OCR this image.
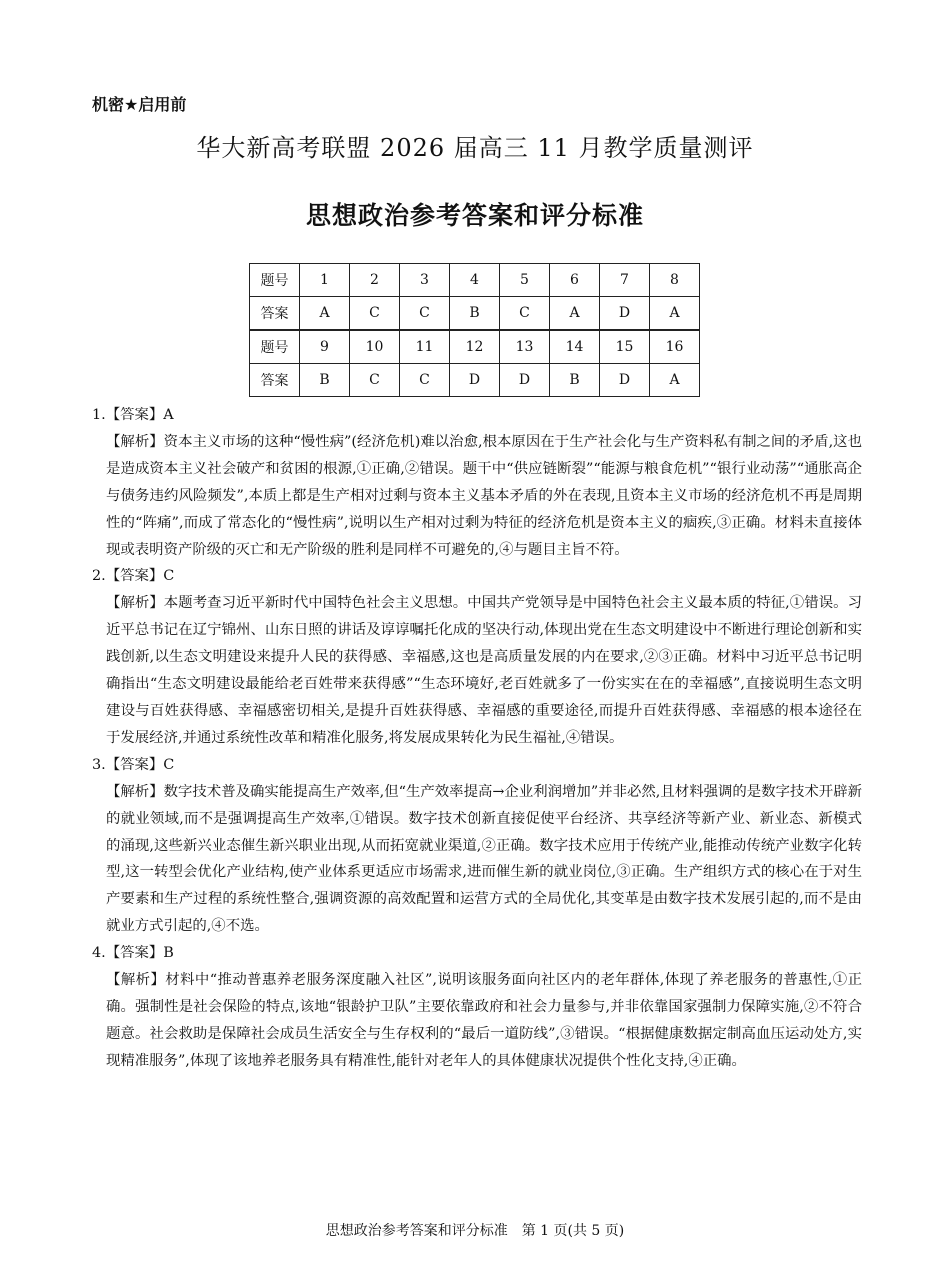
机密★启用前
华大新高考联盟 2026 届高三 11 月教学质量测评
思想政治参考答案和评分标准
题号	1	2	3	4	5	6	7	8
答案	A	C	C	B	C	A	D	A
题号	9	10	11	12	13	14	15	16
答案	B	C	C	D	D	B	D	A

1.【答案】A

【解析】资本主义市场的这种“慢性病”(经济危机)难以治愈,根本原因在于生产社会化与生产资料私有制之间的矛盾,这也是造成资本主义社会破产和贫困的根源,①正确,②错误。题干中“供应链断裂”“能源与粮食危机”“银行业动荡”“通胀高企与债务违约风险频发”,本质上都是生产相对过剩与资本主义基本矛盾的外在表现,且资本主义市场的经济危机不再是周期性的“阵痛”,而成了常态化的“慢性病”,说明以生产相对过剩为特征的经济危机是资本主义的痼疾,③正确。材料未直接体现或表明资产阶级的灭亡和无产阶级的胜利是同样不可避免的,④与题目主旨不符。

2.【答案】C

【解析】本题考查习近平新时代中国特色社会主义思想。中国共产党领导是中国特色社会主义最本质的特征,①错误。习近平总书记在辽宁锦州、山东日照的讲话及谆谆嘱托化成的坚决行动,体现出党在生态文明建设中不断进行理论创新和实践创新,以生态文明建设来提升人民的获得感、幸福感,这也是高质量发展的内在要求,②③正确。材料中习近平总书记明确指出“生态文明建设最能给老百姓带来获得感”“生态环境好,老百姓就多了一份实实在在的幸福感”,直接说明生态文明建设与百姓获得感、幸福感密切相关,是提升百姓获得感、幸福感的重要途径,而提升百姓获得感、幸福感的根本途径在于发展经济,并通过系统性改革和精准化服务,将发展成果转化为民生福祉,④错误。

3.【答案】C

【解析】数字技术普及确实能提高生产效率,但“生产效率提高→企业利润增加”并非必然,且材料强调的是数字技术开辟新的就业领域,而不是强调提高生产效率,①错误。数字技术创新直接促使平台经济、共享经济等新产业、新业态、新模式的涌现,这些新兴业态催生新兴职业出现,从而拓宽就业渠道,②正确。数字技术应用于传统产业,能推动传统产业数字化转型,这一转型会优化产业结构,使产业体系更适应市场需求,进而催生新的就业岗位,③正确。生产组织方式的核心在于对生产要素和生产过程的系统性整合,强调资源的高效配置和运营方式的全局优化,其变革是由数字技术发展引起的,而不是由就业方式引起的,④不选。

4.【答案】B

【解析】材料中“推动普惠养老服务深度融入社区”,说明该服务面向社区内的老年群体,体现了养老服务的普惠性,①正确。强制性是社会保险的特点,该地“银龄护卫队”主要依靠政府和社会力量参与,并非依靠国家强制力保障实施,②不符合题意。社会救助是保障社会成员生活安全与生存权利的“最后一道防线”,③错误。“根据健康数据定制高血压运动处方,实现精准服务”,体现了该地养老服务具有精准性,能针对老年人的具体健康状况提供个性化支持,④正确。

思想政治参考答案和评分标准　第 1 页(共 5 页)
